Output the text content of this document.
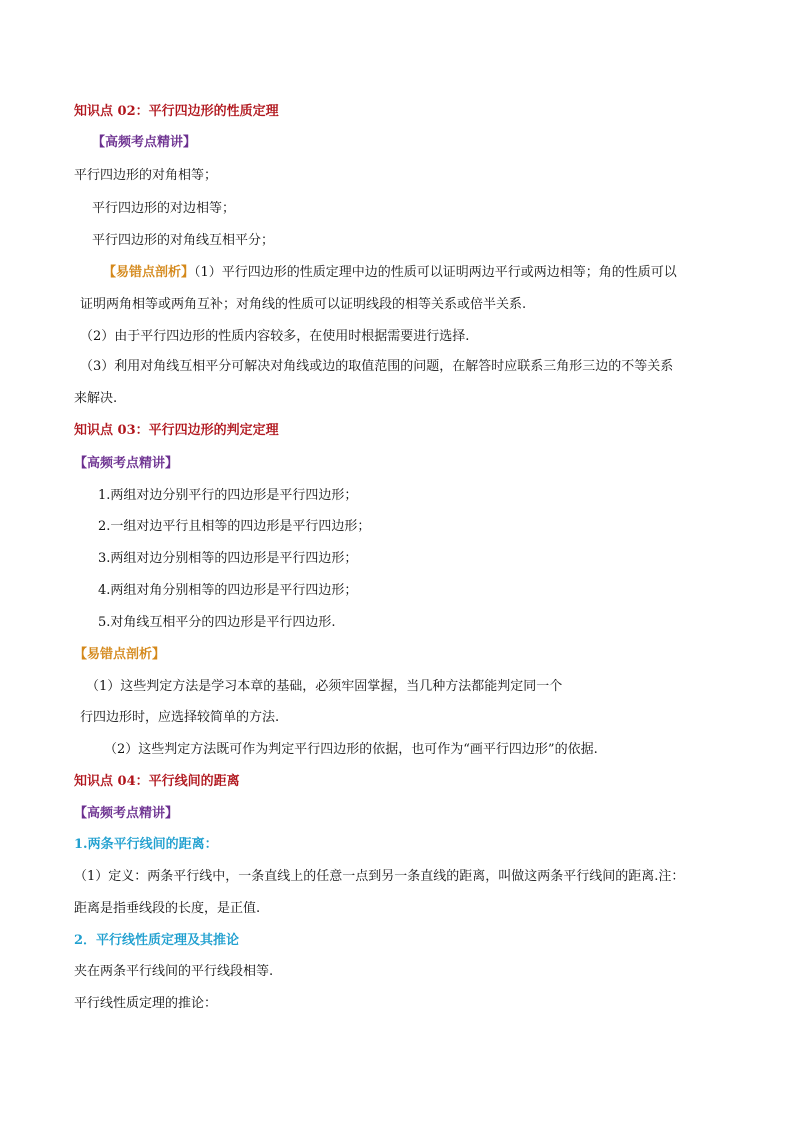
知识点 02：平行四边形的性质定理
【高频考点精讲】
平行四边形的对角相等；
平行四边形的对边相等；
平行四边形的对角线互相平分；
【易错点剖析】（1）平行四边形的性质定理中边的性质可以证明两边平行或两边相等；角的性质可以
证明两角相等或两角互补；对角线的性质可以证明线段的相等关系或倍半关系.
（2）由于平行四边形的性质内容较多，在使用时根据需要进行选择.
（3）利用对角线互相平分可解决对角线或边的取值范围的问题，在解答时应联系三角形三边的不等关系
来解决.
知识点 03：平行四边形的判定定理
【高频考点精讲】
1.两组对边分别平行的四边形是平行四边形；
2.一组对边平行且相等的四边形是平行四边形；
3.两组对边分别相等的四边形是平行四边形；
4.两组对角分别相等的四边形是平行四边形；
5.对角线互相平分的四边形是平行四边形.
【易错点剖析】
（1）这些判定方法是学习本章的基础，必须牢固掌握，当几种方法都能判定同一个
行四边形时，应选择较简单的方法.
（2）这些判定方法既可作为判定平行四边形的依据，也可作为“画平行四边形”的依据.
知识点 04：平行线间的距离
【高频考点精讲】
1.两条平行线间的距离：
（1）定义：两条平行线中，一条直线上的任意一点到另一条直线的距离，叫做这两条平行线间的距离.注：
距离是指垂线段的长度，是正值.
2．平行线性质定理及其推论
夹在两条平行线间的平行线段相等.
平行线性质定理的推论：
